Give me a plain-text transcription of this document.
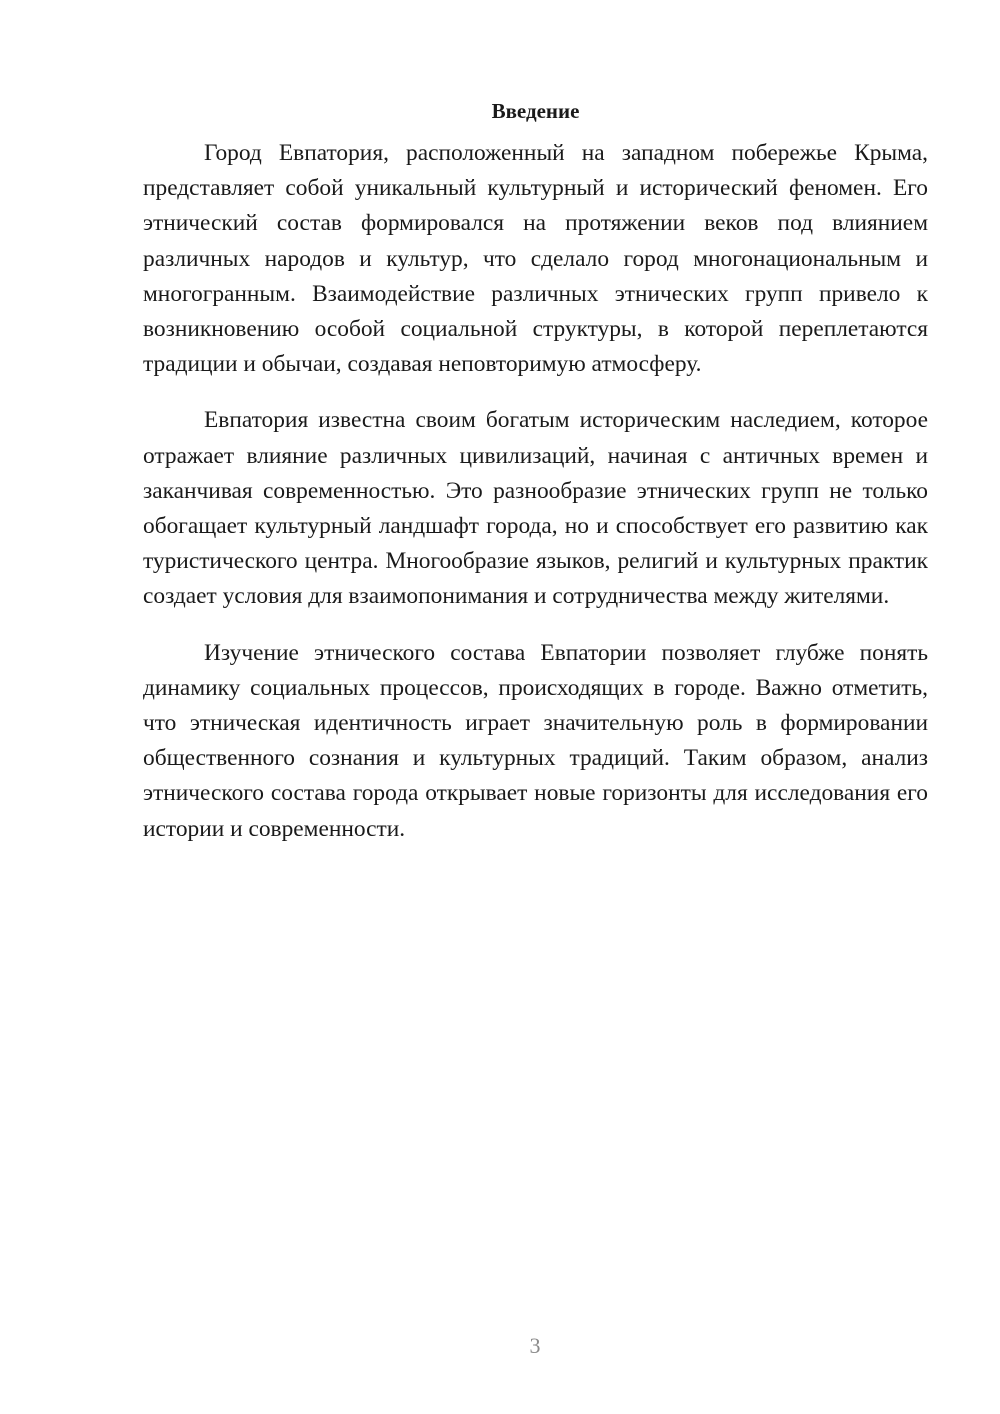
Введение

Город Евпатория, расположенный на западном побережье Крыма, представляет собой уникальный культурный и исторический феномен. Его этнический состав формировался на протяжении веков под влиянием различных народов и культур, что сделало город многонациональным и многогранным. Взаимодействие различных этнических групп привело к возникновению особой социальной структуры, в которой переплетаются традиции и обычаи, создавая неповторимую атмосферу.

Евпатория известна своим богатым историческим наследием, которое отражает влияние различных цивилизаций, начиная с античных времен и заканчивая современностью. Это разнообразие этнических групп не только обогащает культурный ландшафт города, но и способствует его развитию как туристического центра. Многообразие языков, религий и культурных практик создает условия для взаимопонимания и сотрудничества между жителями.

Изучение этнического состава Евпатории позволяет глубже понять динамику социальных процессов, происходящих в городе. Важно отметить, что этническая идентичность играет значительную роль в формировании общественного сознания и культурных традиций. Таким образом, анализ этнического состава города открывает новые горизонты для исследования его истории и современности.

3
